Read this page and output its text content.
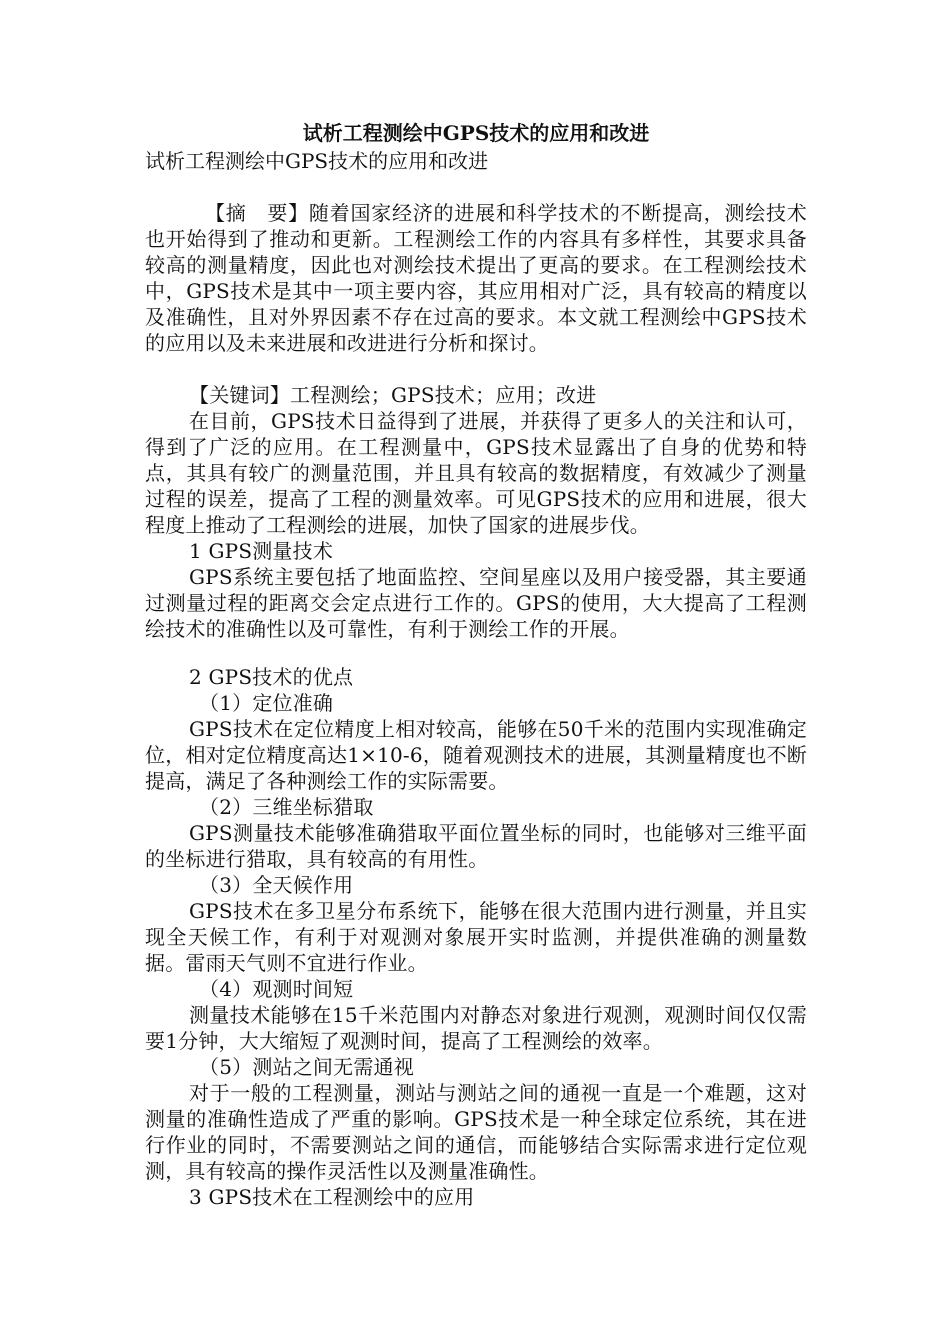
试析工程测绘中GPS技术的应用和改进
试析工程测绘中GPS技术的应用和改进

【摘　要】随着国家经济的进展和科学技术的不断提高，测绘技术也开始得到了推动和更新。工程测绘工作的内容具有多样性，其要求具备较高的测量精度，因此也对测绘技术提出了更高的要求。在工程测绘技术中，GPS技术是其中一项主要内容，其应用相对广泛，具有较高的精度以及准确性，且对外界因素不存在过高的要求。本文就工程测绘中GPS技术的应用以及未来进展和改进进行分析和探讨。

【关键词】工程测绘；GPS技术；应用；改进

在目前，GPS技术日益得到了进展，并获得了更多人的关注和认可，得到了广泛的应用。在工程测量中，GPS技术显露出了自身的优势和特点，其具有较广的测量范围，并且具有较高的数据精度，有效减少了测量过程的误差，提高了工程的测量效率。可见GPS技术的应用和进展，很大程度上推动了工程测绘的进展，加快了国家的进展步伐。

1 GPS测量技术

GPS系统主要包括了地面监控、空间星座以及用户接受器，其主要通过测量过程的距离交会定点进行工作的。GPS的使用，大大提高了工程测绘技术的准确性以及可靠性，有利于测绘工作的开展。

2 GPS技术的优点

（1）定位准确

GPS技术在定位精度上相对较高，能够在50千米的范围内实现准确定位，相对定位精度高达1×10-6，随着观测技术的进展，其测量精度也不断提高，满足了各种测绘工作的实际需要。

（2）三维坐标猎取

GPS测量技术能够准确猎取平面位置坐标的同时，也能够对三维平面的坐标进行猎取，具有较高的有用性。

（3）全天候作用

GPS技术在多卫星分布系统下，能够在很大范围内进行测量，并且实现全天候工作，有利于对观测对象展开实时监测，并提供准确的测量数据。雷雨天气则不宜进行作业。

（4）观测时间短

测量技术能够在15千米范围内对静态对象进行观测，观测时间仅仅需要1分钟，大大缩短了观测时间，提高了工程测绘的效率。

（5）测站之间无需通视

对于一般的工程测量，测站与测站之间的通视一直是一个难题，这对测量的准确性造成了严重的影响。GPS技术是一种全球定位系统，其在进行作业的同时，不需要测站之间的通信，而能够结合实际需求进行定位观测，具有较高的操作灵活性以及测量准确性。

3 GPS技术在工程测绘中的应用
